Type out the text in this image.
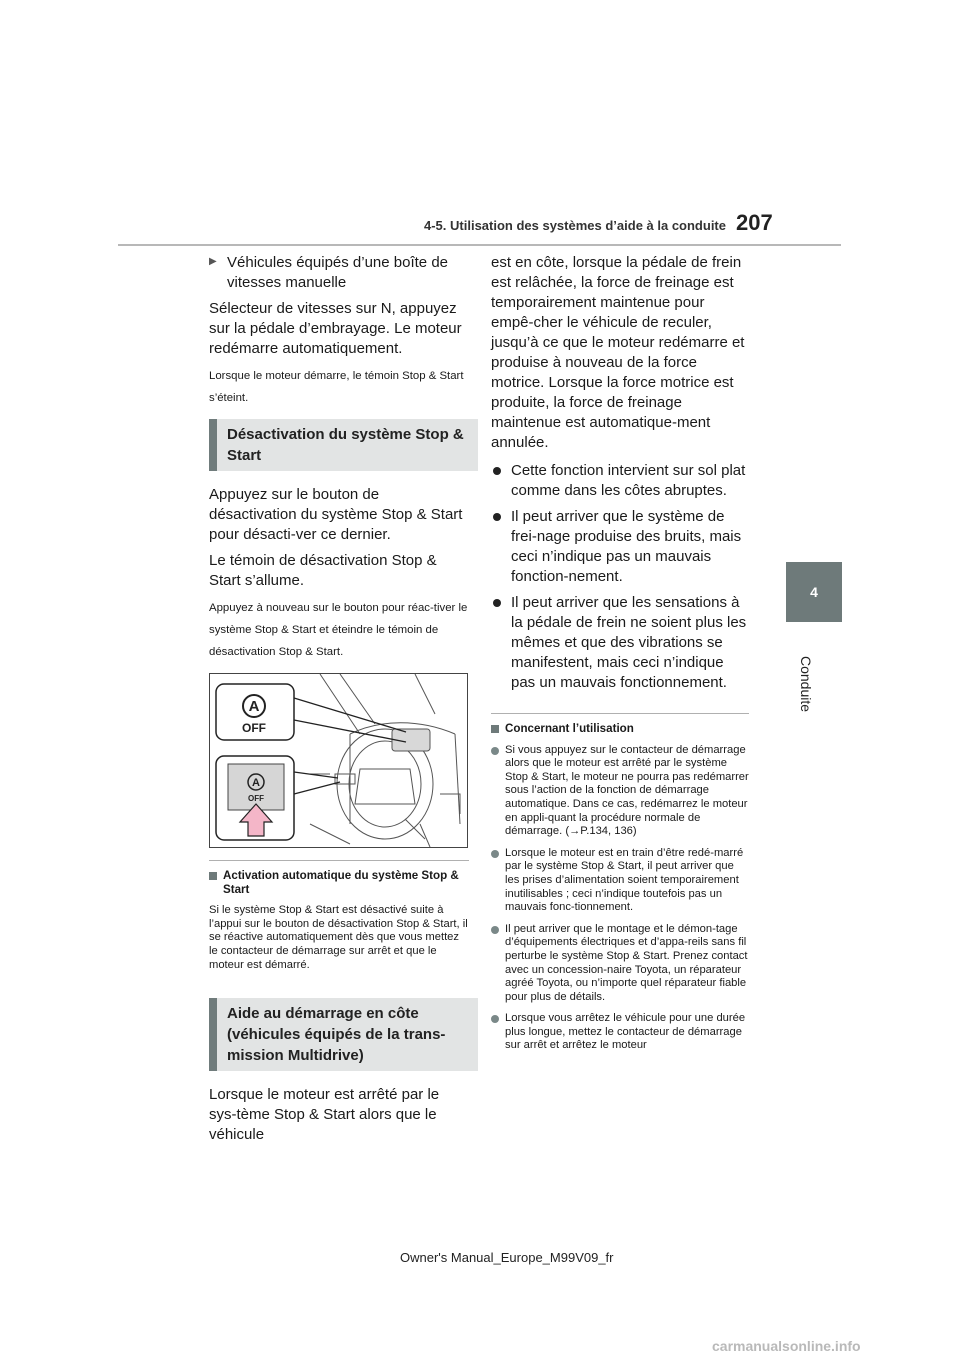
4-5. Utilisation des systèmes d’aide à la conduite 207
4
Conduite
▶ Véhicules équipés d’une boîte de vitesses manuelle

Sélecteur de vitesses sur N, appuyez sur la pédale d’embrayage. Le moteur redémarre automatiquement.

Lorsque le moteur démarre, le témoin Stop & Start s’éteint.

Désactivation du système Stop & Start

Appuyez sur le bouton de désactivation du système Stop & Start pour désacti-ver ce dernier.

Le témoin de désactivation Stop & Start s’allume.

Appuyez à nouveau sur le bouton pour réac-tiver le système Stop & Start et éteindre le témoin de désactivation Stop & Start.

A
OFF
A
OFF
Activation automatique du système Stop & Start

Si le système Stop & Start est désactivé suite à l’appui sur le bouton de désactivation Stop & Start, il se réactive automatiquement dès que vous mettez le contacteur de démarrage sur arrêt et que le moteur est démarré.

Aide au démarrage en côte (véhicules équipés de la trans-mission Multidrive)

Lorsque le moteur est arrêté par le sys-tème Stop & Start alors que le véhicule

est en côte, lorsque la pédale de frein est relâchée, la force de freinage est temporairement maintenue pour empê-cher le véhicule de reculer, jusqu’à ce que le moteur redémarre et produise à nouveau de la force motrice. Lorsque la force motrice est produite, la force de freinage maintenue est automatique-ment annulée.

Cette fonction intervient sur sol plat comme dans les côtes abruptes.

Il peut arriver que le système de frei-nage produise des bruits, mais ceci n’indique pas un mauvais fonction-nement.

Il peut arriver que les sensations à la pédale de frein ne soient plus les mêmes et que des vibrations se manifestent, mais ceci n’indique pas un mauvais fonctionnement.

Concernant l’utilisation

Si vous appuyez sur le contacteur de démarrage alors que le moteur est arrêté par le système Stop & Start, le moteur ne pourra pas redémarrer sous l’action de la fonction de démarrage automatique. Dans ce cas, redémarrez le moteur en appli-quant la procédure normale de démarrage. (→P.134, 136)

Lorsque le moteur est en train d’être redé-marré par le système Stop & Start, il peut arriver que les prises d’alimentation soient temporairement inutilisables ; ceci n’indique toutefois pas un mauvais fonc-tionnement.

Il peut arriver que le montage et le démon-tage d’équipements électriques et d’appa-reils sans fil perturbe le système Stop & Start. Prenez contact avec un concession-naire Toyota, un réparateur agréé Toyota, ou n’importe quel réparateur fiable pour plus de détails.

Lorsque vous arrêtez le véhicule pour une durée plus longue, mettez le contacteur de démarrage sur arrêt et arrêtez le moteur

Owner's Manual_Europe_M99V09_fr
carmanualsonline.info
